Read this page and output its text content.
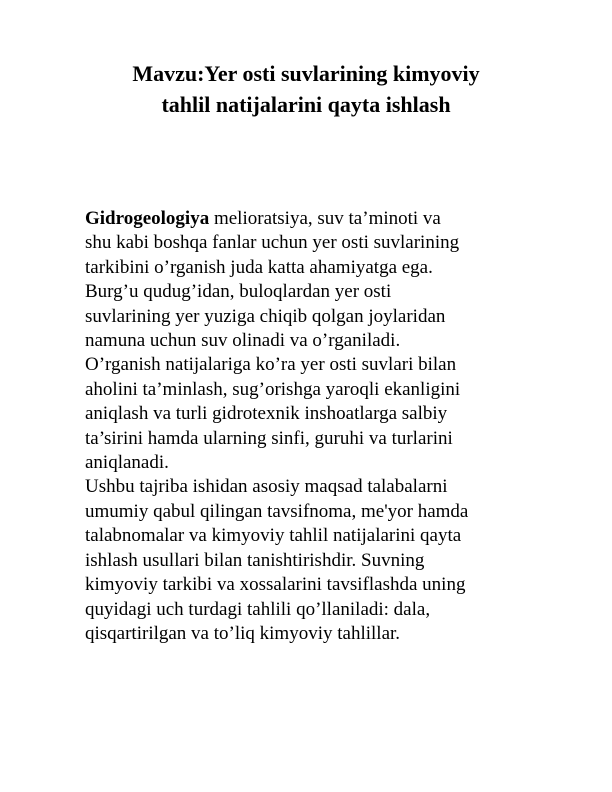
Mavzu:Yer osti suvlarining kimyoviy
tahlil natijalarini qayta ishlash

Gidrogeologiya melioratsiya, suv ta’minoti va
shu kabi boshqa fanlar uchun yer osti suvlarining
tarkibini o’rganish juda katta ahamiyatga ega.
Burg’u qudug’idan, buloqlardan yer osti
suvlarining yer yuziga chiqib qolgan joylaridan
namuna uchun suv olinadi va o’rganiladi.
O’rganish natijalariga ko’ra yer osti suvlari bilan
aholini ta’minlash, sug’orishga yaroqli ekanligini
aniqlash va turli gidrotexnik inshoatlarga salbiy
ta’sirini hamda ularning sinfi, guruhi va turlarini
aniqlanadi.
Ushbu tajriba ishidan asosiy maqsad talabalarni
umumiy qabul qilingan tavsifnoma, me'yor hamda
talabnomalar va kimyoviy tahlil natijalarini qayta
ishlash usullari bilan tanishtirishdir. Suvning
kimyoviy tarkibi va xossalarini tavsiflashda uning
quyidagi uch turdagi tahlili qo’llaniladi: dala,
qisqartirilgan va to’liq kimyoviy tahlillar.
